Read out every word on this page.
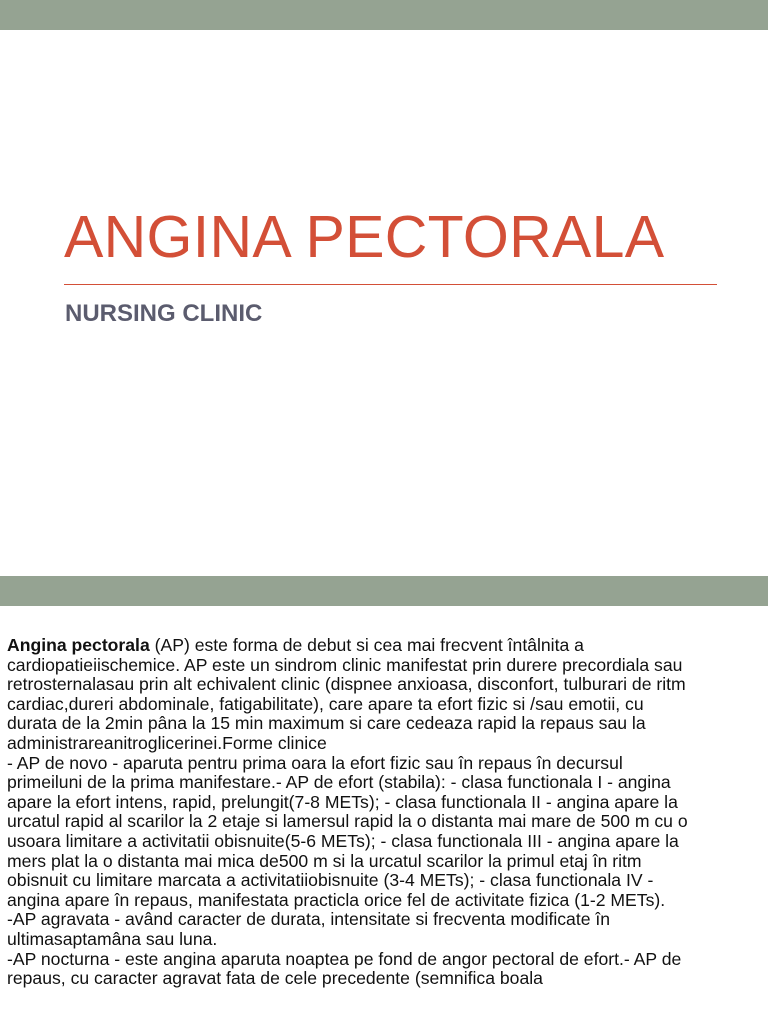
ANGINA PECTORALA
NURSING CLINIC

Angina pectorala (AP) este forma de debut si cea mai frecvent întâlnita a
cardiopatieiischemice. AP este un sindrom clinic manifestat prin durere precordiala sau
retrosternalasau prin alt echivalent clinic (dispnee anxioasa, disconfort, tulburari de ritm
cardiac,dureri abdominale, fatigabilitate), care apare ta efort fizic si /sau emotii, cu
durata de la 2min pâna la 15 min maximum si care cedeaza rapid la repaus sau la
administrareanitroglicerinei.Forme clinice

- AP de novo - aparuta pentru prima oara la efort fizic sau în repaus în decursul
primeiluni de la prima manifestare.- AP de efort (stabila): - clasa functionala I - angina
apare la efort intens, rapid, prelungit(7-8 METs); - clasa functionala II - angina apare la
urcatul rapid al scarilor la 2 etaje si lamersul rapid la o distanta mai mare de 500 m cu o
usoara limitare a activitatii obisnuite(5-6 METs); - clasa functionala III - angina apare la
mers plat la o distanta mai mica de500 m si la urcatul scarilor la primul etaj în ritm
obisnuit cu limitare marcata a activitatiiobisnuite (3-4 METs); - clasa functionala IV -
angina apare în repaus, manifestata practicla orice fel de activitate fizica (1-2 METs).

-AP agravata - având caracter de durata, intensitate si frecventa modificate în
ultimasaptamâna sau luna.

-AP nocturna - este angina aparuta noaptea pe fond de angor pectoral de efort.- AP de
repaus, cu caracter agravat fata de cele precedente (semnifica boala
